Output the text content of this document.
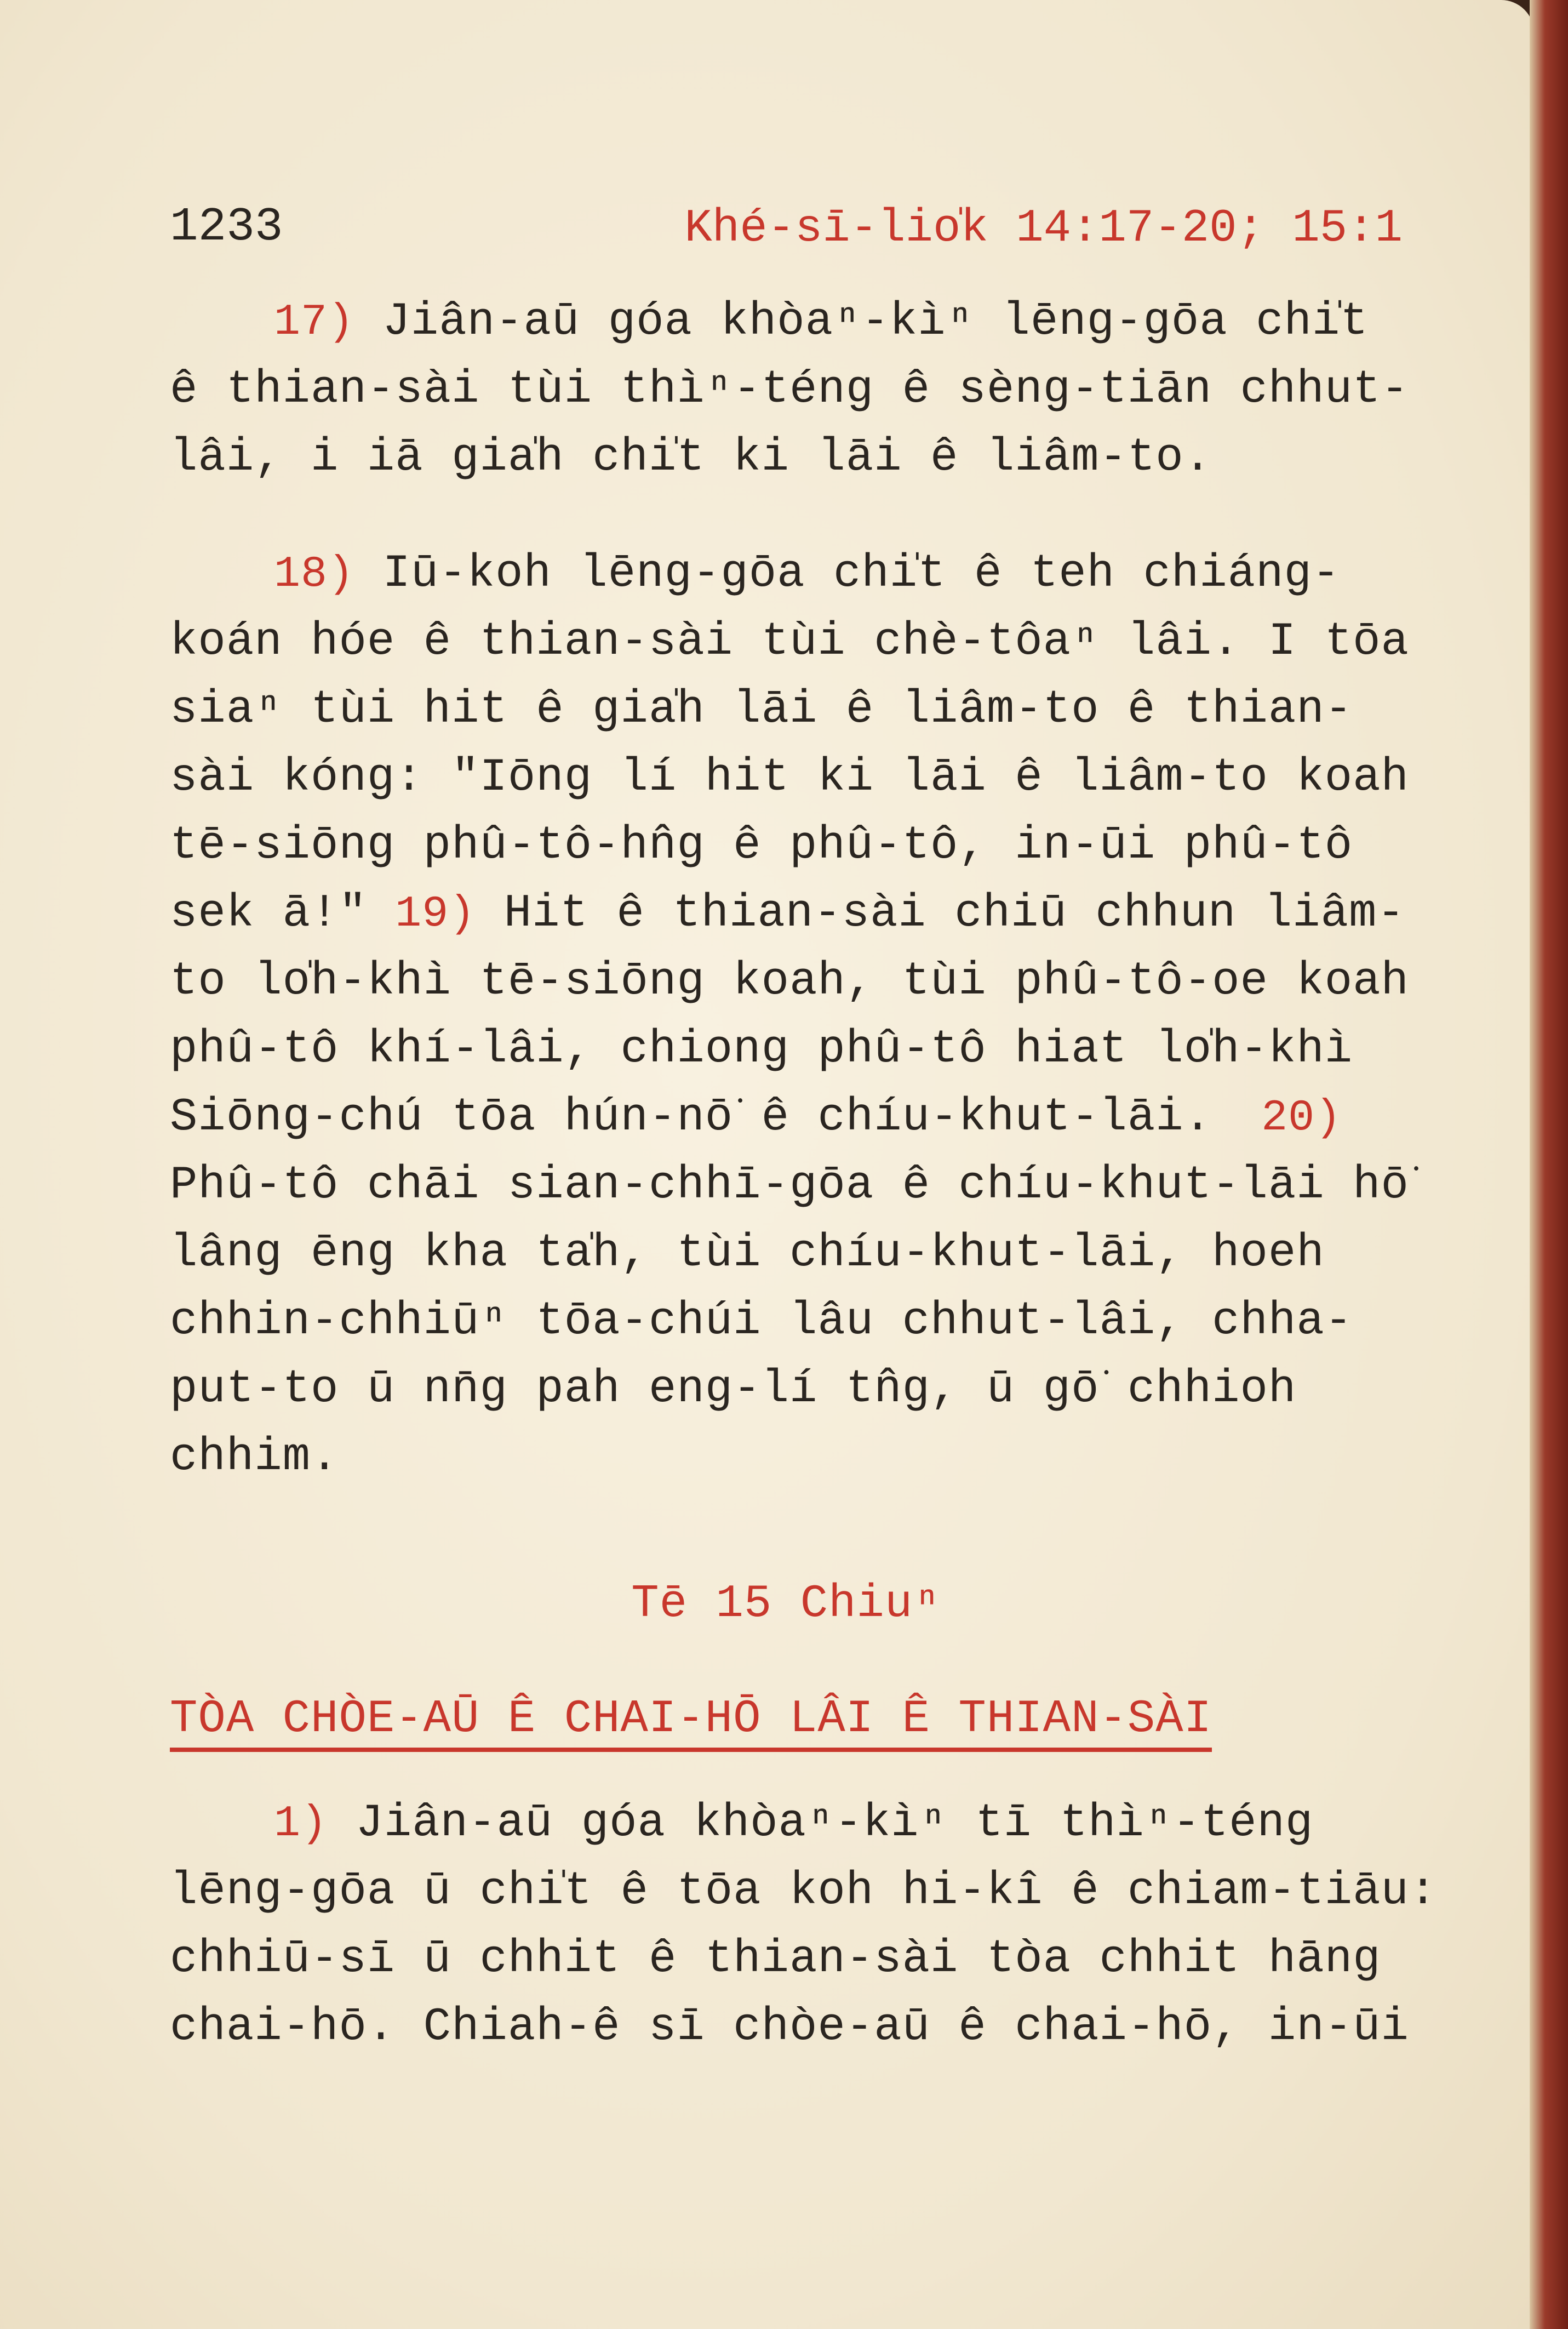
1233	Khé-sī-lio̍k 14:17-20; 15:1
17) Jiân-aū góa khòaⁿ-kìⁿ lēng-gōa chi̍t
ê thian-sài tùi thìⁿ-téng ê sèng-tiān chhut-
lâi, i iā gia̍h chi̍t ki lāi ê liâm-to.
18) Iū-koh lēng-gōa chi̍t ê teh chiáng-
koán hóe ê thian-sài tùi chè-tôaⁿ lâi. I tōa
siaⁿ tùi hit ê gia̍h lāi ê liâm-to ê thian-
sài kóng: "Iōng lí hit ki lāi ê liâm-to koah
tē-siōng phû-tô-hn̂g ê phû-tô, in-ūi phû-tô
sek ā!" 19) Hit ê thian-sài chiū chhun liâm-
to lo̍h-khì tē-siōng koah, tùi phû-tô-oe koah
phû-tô khí-lâi, chiong phû-tô hiat lo̍h-khì
Siōng-chú tōa hún-nō͘ ê chíu-khut-lāi. 20)
Phû-tô chāi sian-chhī-gōa ê chíu-khut-lāi hō͘
lâng ēng kha ta̍h, tùi chíu-khut-lāi, hoeh
chhin-chhiūⁿ tōa-chúi lâu chhut-lâi, chha-
put-to ū nn̄g pah eng-lí tn̂g, ū gō͘ chhioh
chhim.
Tē 15 Chiuⁿ
TÒA CHÒE-AŪ Ê CHAI-HŌ LÂI Ê THIAN-SÀI
1) Jiân-aū góa khòaⁿ-kìⁿ tī thìⁿ-téng
lēng-gōa ū chi̍t ê tōa koh hi-kî ê chiam-tiāu:
chhiū-sī ū chhit ê thian-sài tòa chhit hāng
chai-hō. Chiah-ê sī chòe-aū ê chai-hō, in-ūi
